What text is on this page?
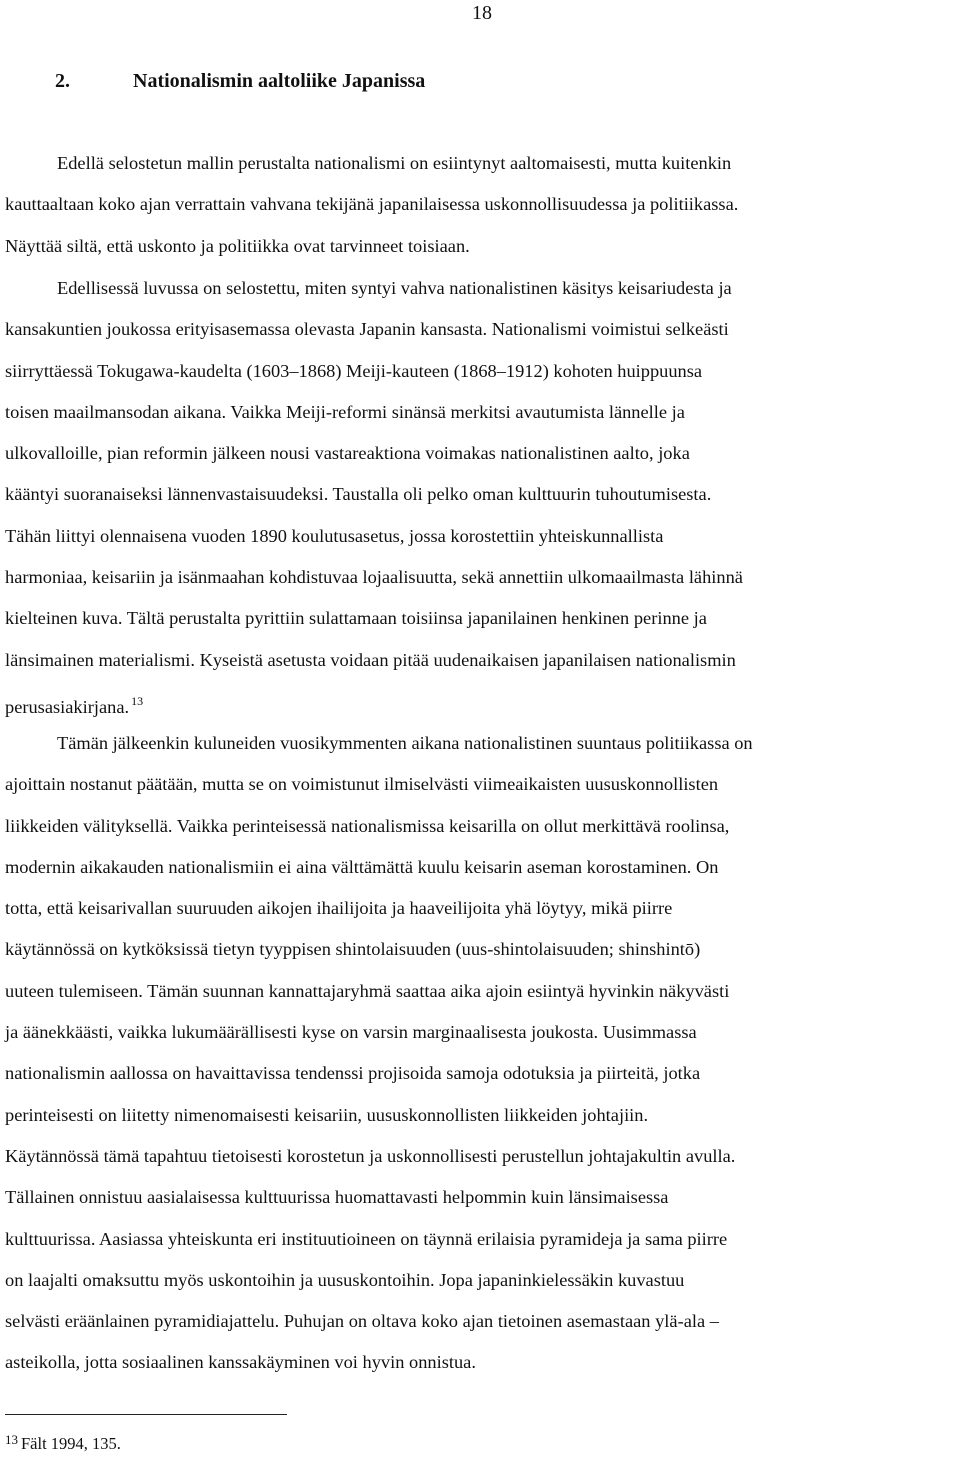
18
2.	Nationalismin aaltoliike Japanissa
Edellä selostetun mallin perustalta nationalismi on esiintynyt aaltomaisesti, mutta kuitenkin
kauttaaltaan koko ajan verrattain vahvana tekijänä japanilaisessa uskonnollisuudessa ja politiikassa.
Näyttää siltä, että uskonto ja politiikka ovat tarvinneet toisiaan.
Edellisessä luvussa on selostettu, miten syntyi vahva nationalistinen käsitys keisariudesta ja
kansakuntien joukossa erityisasemassa olevasta Japanin kansasta. Nationalismi voimistui selkeästi
siirryttäessä Tokugawa-kaudelta (1603–1868) Meiji-kauteen (1868–1912) kohoten huippuunsa
toisen maailmansodan aikana. Vaikka Meiji-reformi sinänsä merkitsi avautumista lännelle ja
ulkovalloille, pian reformin jälkeen nousi vastareaktiona voimakas nationalistinen aalto, joka
kääntyi suoranaiseksi lännenvastaisuudeksi. Taustalla oli pelko oman kulttuurin tuhoutumisesta.
Tähän liittyi olennaisena vuoden 1890 koulutusasetus, jossa korostettiin yhteiskunnallista
harmoniaa, keisariin ja isänmaahan kohdistuvaa lojaalisuutta, sekä annettiin ulkomaailmasta lähinnä
kielteinen kuva. Tältä perustalta pyrittiin sulattamaan toisiinsa japanilainen henkinen perinne ja
länsimainen materialismi. Kyseistä asetusta voidaan pitää uudenaikaisen japanilaisen nationalismin
perusasiakirjana. $^{13}$
Tämän jälkeenkin kuluneiden vuosikymmenten aikana nationalistinen suuntaus politiikassa on
ajoittain nostanut päätään, mutta se on voimistunut ilmiselvästi viimeaikaisten uususkonnollisten
liikkeiden välityksellä. Vaikka perinteisessä nationalismissa keisarilla on ollut merkittävä roolinsa,
modernin aikakauden nationalismiin ei aina välttämättä kuulu keisarin aseman korostaminen. On
totta, että keisarivallan suuruuden aikojen ihailijoita ja haaveilijoita yhä löytyy, mikä piirre
käytännössä on kytköksissä tietyn tyyppisen shintolaisuuden (uus-shintolaisuuden; shinshintō)
uuteen tulemiseen. Tämän suunnan kannattajaryhmä saattaa aika ajoin esiintyä hyvinkin näkyvästi
ja äänekkäästi, vaikka lukumäärällisesti kyse on varsin marginaalisesta joukosta. Uusimmassa
nationalismin aallossa on havaittavissa tendenssi projisoida samoja odotuksia ja piirteitä, jotka
perinteisesti on liitetty nimenomaisesti keisariin, uususkonnollisten liikkeiden johtajiin.
Käytännössä tämä tapahtuu tietoisesti korostetun ja uskonnollisesti perustellun johtajakultin avulla.
Tällainen onnistuu aasialaisessa kulttuurissa huomattavasti helpommin kuin länsimaisessa
kulttuurissa. Aasiassa yhteiskunta eri instituutioineen on täynnä erilaisia pyramideja ja sama piirre
on laajalti omaksuttu myös uskontoihin ja uususkontoihin. Jopa japaninkielessäkin kuvastuu
selvästi eräänlainen pyramidiajattelu. Puhujan on oltava koko ajan tietoinen asemastaan ylä-ala –
asteikolla, jotta sosiaalinen kanssakäyminen voi hyvin onnistua.
$^{13}$ Fält 1994, 135.
